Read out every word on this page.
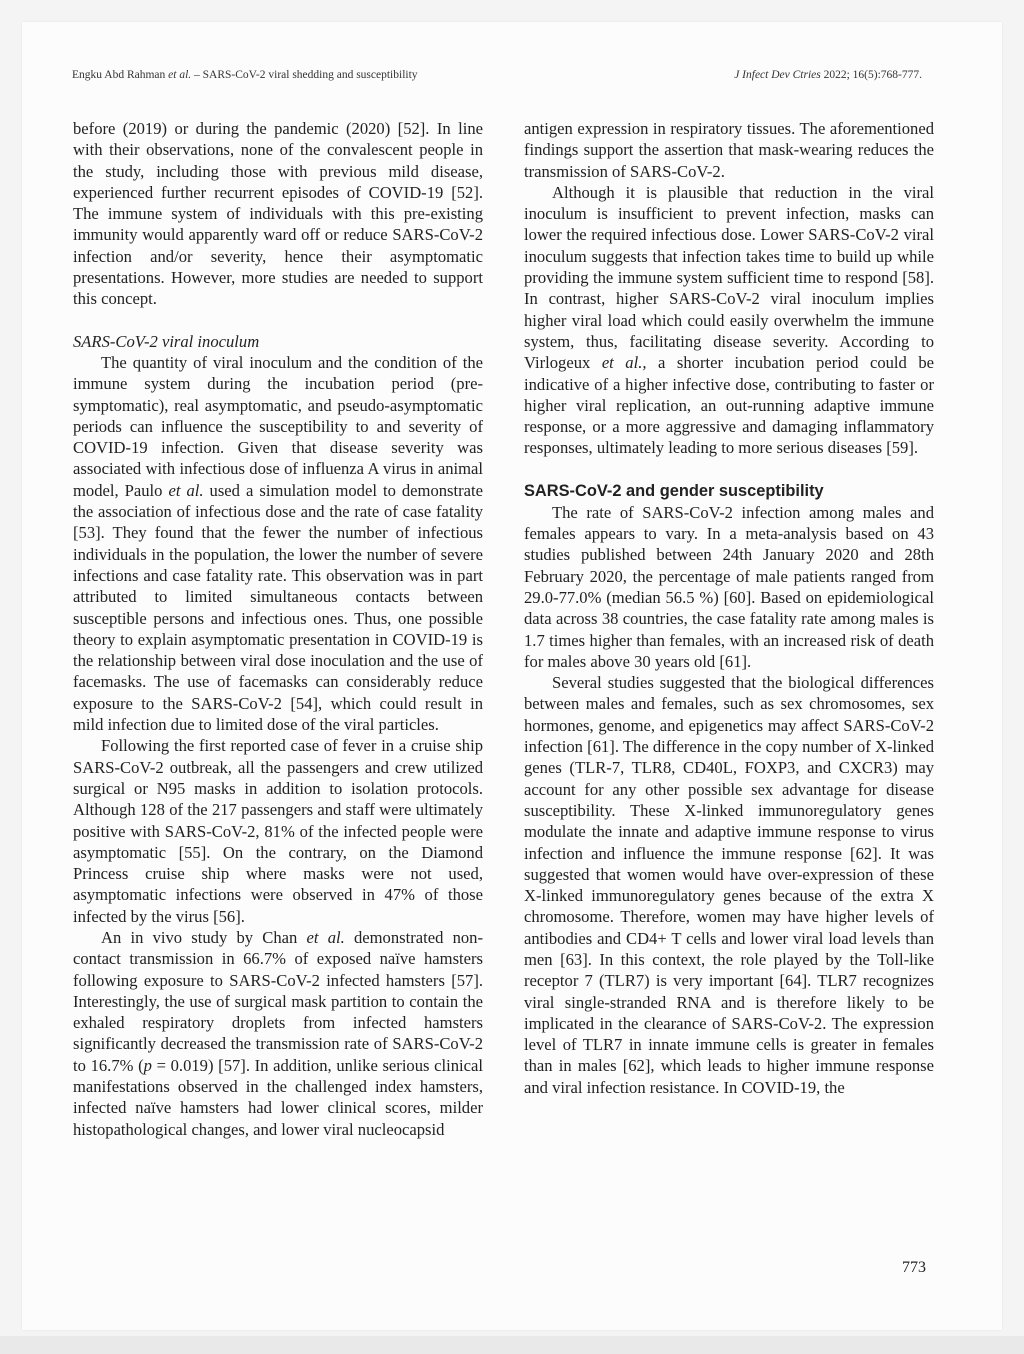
Engku Abd Rahman et al. – SARS-CoV-2 viral shedding and susceptibility	J Infect Dev Ctries 2022; 16(5):768-777.

before (2019) or during the pandemic (2020) [52]. In line with their observations, none of the convalescent people in the study, including those with previous mild disease, experienced further recurrent episodes of COVID-19 [52]. The immune system of individuals with this pre-existing immunity would apparently ward off or reduce SARS-CoV-2 infection and/or severity, hence their asymptomatic presentations. However, more studies are needed to support this concept.

SARS-CoV-2 viral inoculum

The quantity of viral inoculum and the condition of the immune system during the incubation period (pre-symptomatic), real asymptomatic, and pseudo-asymptomatic periods can influence the susceptibility to and severity of COVID-19 infection. Given that disease severity was associated with infectious dose of influenza A virus in animal model, Paulo et al. used a simulation model to demonstrate the association of infectious dose and the rate of case fatality [53]. They found that the fewer the number of infectious individuals in the population, the lower the number of severe infections and case fatality rate. This observation was in part attributed to limited simultaneous contacts between susceptible persons and infectious ones. Thus, one possible theory to explain asymptomatic presentation in COVID-19 is the relationship between viral dose inoculation and the use of facemasks. The use of facemasks can considerably reduce exposure to the SARS-CoV-2 [54], which could result in mild infection due to limited dose of the viral particles.

Following the first reported case of fever in a cruise ship SARS-CoV-2 outbreak, all the passengers and crew utilized surgical or N95 masks in addition to isolation protocols. Although 128 of the 217 passengers and staff were ultimately positive with SARS-CoV-2, 81% of the infected people were asymptomatic [55]. On the contrary, on the Diamond Princess cruise ship where masks were not used, asymptomatic infections were observed in 47% of those infected by the virus [56].

An in vivo study by Chan et al. demonstrated non-contact transmission in 66.7% of exposed naïve hamsters following exposure to SARS-CoV-2 infected hamsters [57]. Interestingly, the use of surgical mask partition to contain the exhaled respiratory droplets from infected hamsters significantly decreased the transmission rate of SARS-CoV-2 to 16.7% (p = 0.019) [57]. In addition, unlike serious clinical manifestations observed in the challenged index hamsters, infected naïve hamsters had lower clinical scores, milder histopathological changes, and lower viral nucleocapsid

antigen expression in respiratory tissues. The aforementioned findings support the assertion that mask-wearing reduces the transmission of SARS-CoV-2.

Although it is plausible that reduction in the viral inoculum is insufficient to prevent infection, masks can lower the required infectious dose. Lower SARS-CoV-2 viral inoculum suggests that infection takes time to build up while providing the immune system sufficient time to respond [58]. In contrast, higher SARS-CoV-2 viral inoculum implies higher viral load which could easily overwhelm the immune system, thus, facilitating disease severity. According to Virlogeux et al., a shorter incubation period could be indicative of a higher infective dose, contributing to faster or higher viral replication, an out-running adaptive immune response, or a more aggressive and damaging inflammatory responses, ultimately leading to more serious diseases [59].

SARS-CoV-2 and gender susceptibility

The rate of SARS-CoV-2 infection among males and females appears to vary. In a meta-analysis based on 43 studies published between 24th January 2020 and 28th February 2020, the percentage of male patients ranged from 29.0-77.0% (median 56.5 %) [60]. Based on epidemiological data across 38 countries, the case fatality rate among males is 1.7 times higher than females, with an increased risk of death for males above 30 years old [61].

Several studies suggested that the biological differences between males and females, such as sex chromosomes, sex hormones, genome, and epigenetics may affect SARS-CoV-2 infection [61]. The difference in the copy number of X-linked genes (TLR-7, TLR8, CD40L, FOXP3, and CXCR3) may account for any other possible sex advantage for disease susceptibility. These X-linked immunoregulatory genes modulate the innate and adaptive immune response to virus infection and influence the immune response [62]. It was suggested that women would have over-expression of these X-linked immunoregulatory genes because of the extra X chromosome. Therefore, women may have higher levels of antibodies and CD4+ T cells and lower viral load levels than men [63]. In this context, the role played by the Toll-like receptor 7 (TLR7) is very important [64]. TLR7 recognizes viral single-stranded RNA and is therefore likely to be implicated in the clearance of SARS-CoV-2. The expression level of TLR7 in innate immune cells is greater in females than in males [62], which leads to higher immune response and viral infection resistance. In COVID-19, the

773
